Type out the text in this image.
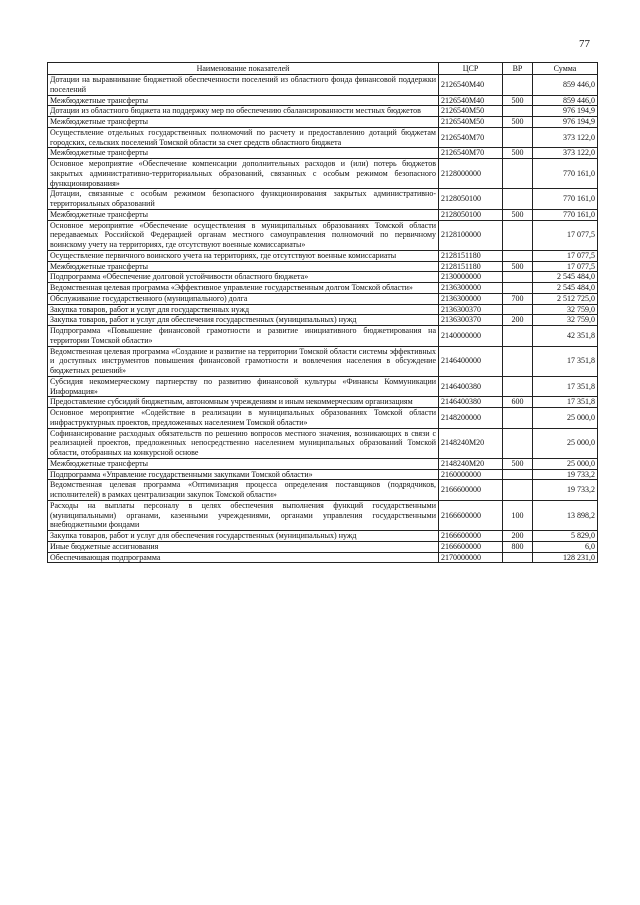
77
Наименование показателей	ЦСР	ВР	Сумма
Дотации на выравнивание бюджетной обеспеченности поселений из областного фонда финансовой поддержки поселений	2126540М40		859 446,0
Межбюджетные трансферты	2126540М40	500	859 446,0
Дотации из областного бюджета на поддержку мер по обеспечению сбалансированности местных бюджетов	2126540М50		976 194,9
Межбюджетные трансферты	2126540М50	500	976 194,9
Осуществление отдельных государственных полномочий по расчету и предоставлению дотаций бюджетам городских, сельских поселений Томской области за счет средств областного бюджета	2126540М70		373 122,0
Межбюджетные трансферты	2126540М70	500	373 122,0
Основное мероприятие «Обеспечение компенсации дополнительных расходов и (или) потерь бюджетов закрытых административно-территориальных образований, связанных с особым режимом безопасного функционирования»	2128000000		770 161,0
Дотации, связанные с особым режимом безопасного функционирования закрытых административно-территориальных образований	2128050100		770 161,0
Межбюджетные трансферты	2128050100	500	770 161,0
Основное мероприятие «Обеспечение осуществления в муниципальных образованиях Томской области передаваемых Российской Федерацией органам местного самоуправления полномочий по первичному воинскому учету на территориях, где отсутствуют военные комиссариаты»	2128100000		17 077,5
Осуществление первичного воинского учета на территориях, где отсутствуют военные комиссариаты	2128151180		17 077,5
Межбюджетные трансферты	2128151180	500	17 077,5
Подпрограмма «Обеспечение долговой устойчивости областного бюджета»	2130000000		2 545 484,0
Ведомственная целевая программа «Эффективное управление государственным долгом Томской области»	2136300000		2 545 484,0
Обслуживание государственного (муниципального) долга	2136300000	700	2 512 725,0
Закупка товаров, работ и услуг для государственных нужд	2136300370		32 759,0
Закупка товаров, работ и услуг для обеспечения государственных (муниципальных) нужд	2136300370	200	32 759,0
Подпрограмма «Повышение финансовой грамотности и развитие инициативного бюджетирования на территории Томской области»	2140000000		42 351,8
Ведомственная целевая программа «Создание и развитие на территории Томской области системы эффективных и доступных инструментов повышения финансовой грамотности и вовлечения населения в обсуждение бюджетных решений»	2146400000		17 351,8
Субсидия некоммерческому партнерству по развитию финансовой культуры «Финансы Коммуникации Информация»	2146400380		17 351,8
Предоставление субсидий бюджетным, автономным учреждениям и иным некоммерческим организациям	2146400380	600	17 351,8
Основное мероприятие «Содействие в реализации в муниципальных образованиях Томской области инфраструктурных проектов, предложенных населением Томской области»	2148200000		25 000,0
Софинансирование расходных обязательств по решению вопросов местного значения, возникающих в связи с реализацией проектов, предложенных непосредственно населением муниципальных образований Томской области, отобранных на конкурсной основе	2148240М20		25 000,0
Межбюджетные трансферты	2148240М20	500	25 000,0
Подпрограмма «Управление государственными закупками Томской области»	2160000000		19 733,2
Ведомственная целевая программа «Оптимизация процесса определения поставщиков (подрядчиков, исполнителей) в рамках централизации закупок Томской области»	2166600000		19 733,2
Расходы на выплаты персоналу в целях обеспечения выполнения функций государственными (муниципальными) органами, казенными учреждениями, органами управления государственными внебюджетными фондами	2166600000	100	13 898,2
Закупка товаров, работ и услуг для обеспечения государственных (муниципальных) нужд	2166600000	200	5 829,0
Иные бюджетные ассигнования	2166600000	800	6,0
Обеспечивающая подпрограмма	2170000000		128 231,0
